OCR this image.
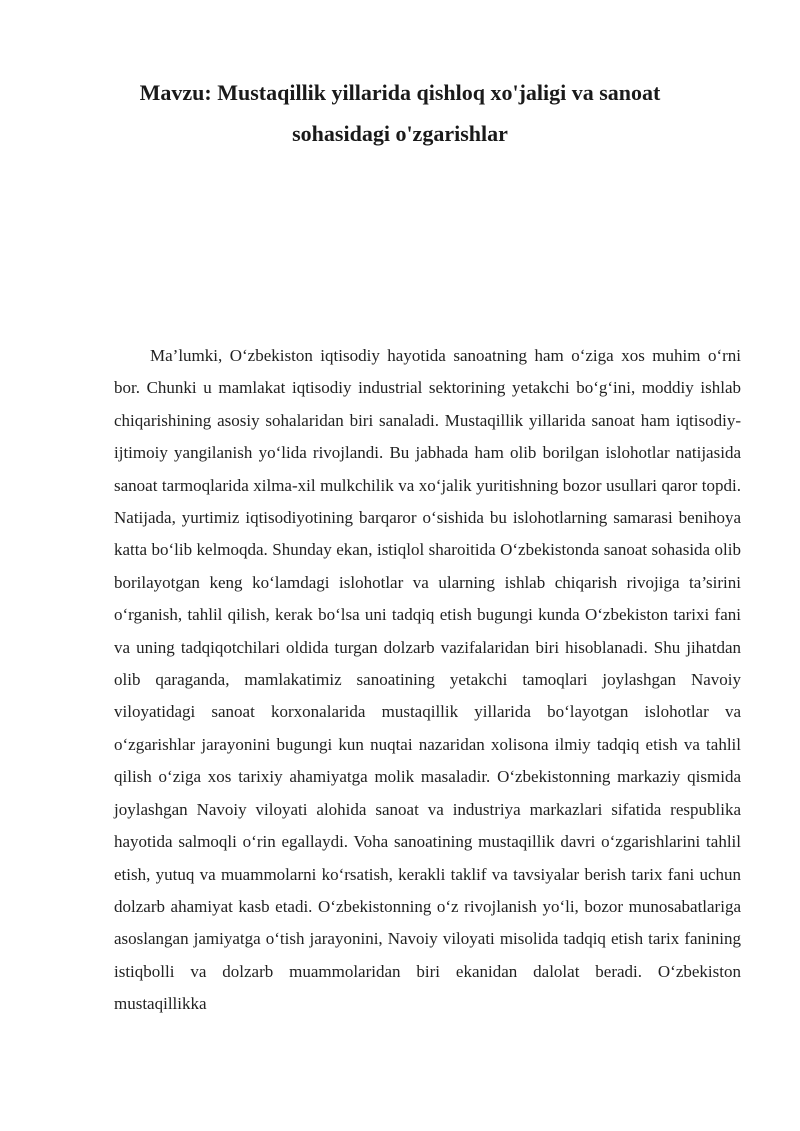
Mavzu: Mustaqillik yillarida qishloq xo'jaligi va sanoat sohasidagi o'zgarishlar

Ma’lumki, O‘zbekiston iqtisodiy hayotida sanoatning ham o‘ziga xos muhim o‘rni bor. Chunki u mamlakat iqtisodiy industrial sektorining yetakchi bo‘g‘ini, moddiy ishlab chiqarishining asosiy sohalaridan biri sanaladi. Mustaqillik yillarida sanoat ham iqtisodiy-ijtimoiy yangilanish yo‘lida rivojlandi. Bu jabhada ham olib borilgan islohotlar natijasida sanoat tarmoqlarida xilma-xil mulkchilik va xo‘jalik yuritishning bozor usullari qaror topdi. Natijada, yurtimiz iqtisodiyotining barqaror o‘sishida bu islohotlarning samarasi benihoya katta bo‘lib kelmoqda. Shunday ekan, istiqlol sharoitida O‘zbekistonda sanoat sohasida olib borilayotgan keng ko‘lamdagi islohotlar va ularning ishlab chiqarish rivojiga ta’sirini o‘rganish, tahlil qilish, kerak bo‘lsa uni tadqiq etish bugungi kunda O‘zbekiston tarixi fani va uning tadqiqotchilari oldida turgan dolzarb vazifalaridan biri hisoblanadi. Shu jihatdan olib qaraganda, mamlakatimiz sanoatining yetakchi tamoqlari joylashgan Navoiy viloyatidagi sanoat korxonalarida mustaqillik yillarida bo‘layotgan islohotlar va o‘zgarishlar jarayonini bugungi kun nuqtai nazaridan xolisona ilmiy tadqiq etish va tahlil qilish o‘ziga xos tarixiy ahamiyatga molik masaladir. O‘zbekistonning markaziy qismida joylashgan Navoiy viloyati alohida sanoat va industriya markazlari sifatida respublika hayotida salmoqli o‘rin egallaydi. Voha sanoatining mustaqillik davri o‘zgarishlarini tahlil etish, yutuq va muammolarni ko‘rsatish, kerakli taklif va tavsiyalar berish tarix fani uchun dolzarb ahamiyat kasb etadi. O‘zbekistonning o‘z rivojlanish yo‘li, bozor munosabatlariga asoslangan jamiyatga o‘tish jarayonini, Navoiy viloyati misolida tadqiq etish tarix fanining istiqbolli va dolzarb muammolaridan biri ekanidan dalolat beradi. O‘zbekiston mustaqillikka
